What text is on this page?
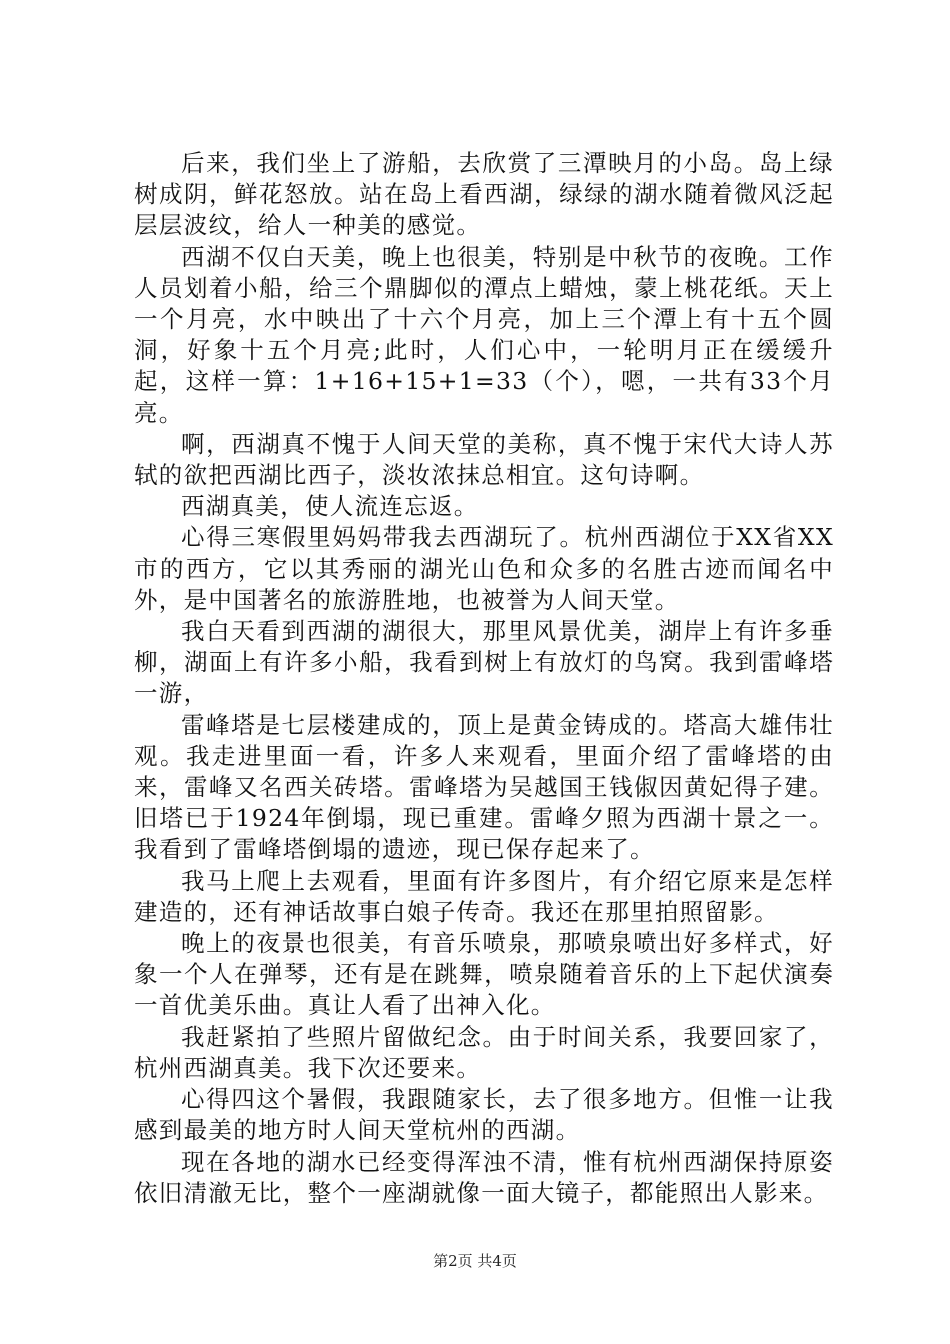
后来，我们坐上了游船，去欣赏了三潭映月的小岛。岛上绿树成阴，鲜花怒放。站在岛上看西湖，绿绿的湖水随着微风泛起层层波纹，给人一种美的感觉。

西湖不仅白天美，晚上也很美，特别是中秋节的夜晚。工作人员划着小船，给三个鼎脚似的潭点上蜡烛，蒙上桃花纸。天上一个月亮，水中映出了十六个月亮，加上三个潭上有十五个圆洞，好象十五个月亮;此时，人们心中，一轮明月正在缓缓升起，这样一算：1+16+15+1=33（个），嗯，一共有33个月亮。

啊，西湖真不愧于人间天堂的美称，真不愧于宋代大诗人苏轼的欲把西湖比西子，淡妆浓抹总相宜。这句诗啊。

西湖真美，使人流连忘返。

心得三寒假里妈妈带我去西湖玩了。杭州西湖位于XX省XX市的西方，它以其秀丽的湖光山色和众多的名胜古迹而闻名中外，是中国著名的旅游胜地，也被誉为人间天堂。

我白天看到西湖的湖很大，那里风景优美，湖岸上有许多垂柳，湖面上有许多小船，我看到树上有放灯的鸟窝。我到雷峰塔一游，

雷峰塔是七层楼建成的，顶上是黄金铸成的。塔高大雄伟壮观。我走进里面一看，许多人来观看，里面介绍了雷峰塔的由来，雷峰又名西关砖塔。雷峰塔为吴越国王钱俶因黄妃得子建。旧塔已于1924年倒塌，现已重建。雷峰夕照为西湖十景之一。我看到了雷峰塔倒塌的遗迹，现已保存起来了。

我马上爬上去观看，里面有许多图片，有介绍它原来是怎样建造的，还有神话故事白娘子传奇。我还在那里拍照留影。

晚上的夜景也很美，有音乐喷泉，那喷泉喷出好多样式，好象一个人在弹琴，还有是在跳舞，喷泉随着音乐的上下起伏演奏一首优美乐曲。真让人看了出神入化。

我赶紧拍了些照片留做纪念。由于时间关系，我要回家了，杭州西湖真美。我下次还要来。

心得四这个暑假，我跟随家长，去了很多地方。但惟一让我感到最美的地方时人间天堂杭州的西湖。

现在各地的湖水已经变得浑浊不清，惟有杭州西湖保持原姿依旧清澈无比，整个一座湖就像一面大镜子，都能照出人影来。

第2页 共4页
